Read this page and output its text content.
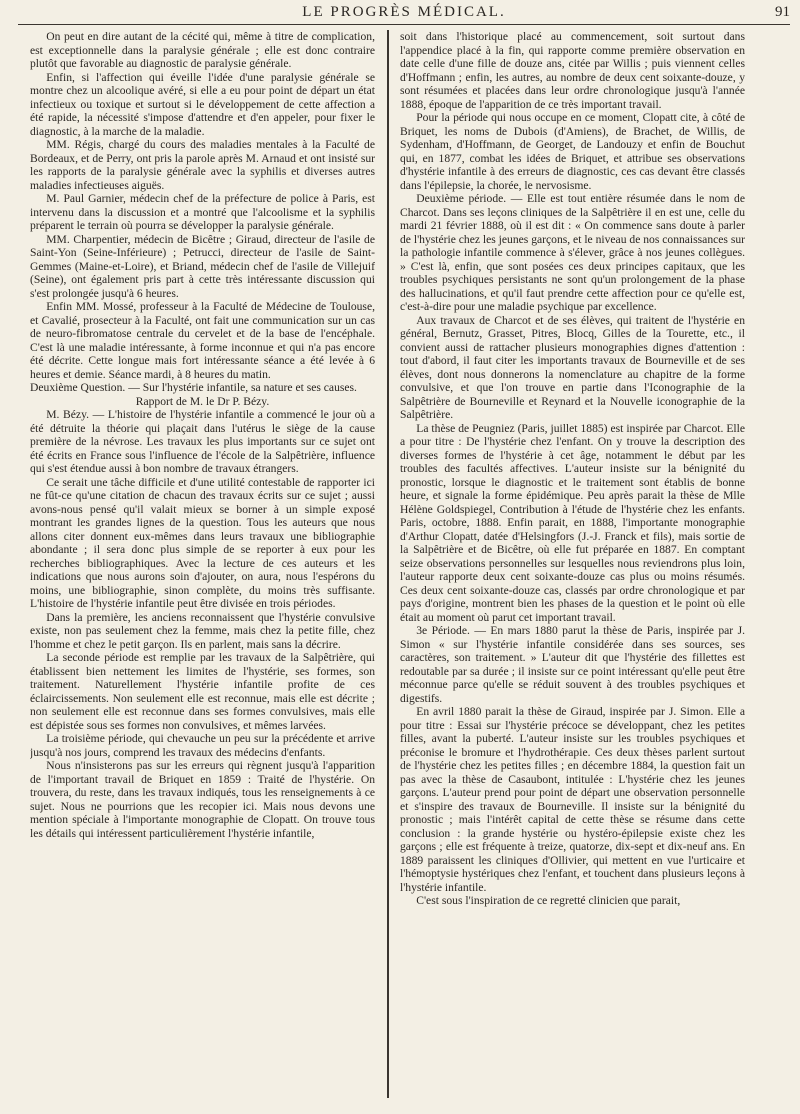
LE PROGRÈS MÉDICAL.	91

On peut en dire autant de la cécité qui, même à titre de complication, est exceptionnelle dans la paralysie générale ; elle est donc contraire plutôt que favorable au diagnostic de paralysie générale.

Enfin, si l'affection qui éveille l'idée d'une paralysie générale se montre chez un alcoolique avéré, si elle a eu pour point de départ un état infectieux ou toxique et surtout si le développement de cette affection a été rapide, la nécessité s'impose d'attendre et d'en appeler, pour fixer le diagnostic, à la marche de la maladie.

MM. Régis, chargé du cours des maladies mentales à la Faculté de Bordeaux, et de Perry, ont pris la parole après M. Arnaud et ont insisté sur les rapports de la paralysie générale avec la syphilis et diverses autres maladies infectieuses aiguës.

M. Paul Garnier, médecin chef de la préfecture de police à Paris, est intervenu dans la discussion et a montré que l'alcoolisme et la syphilis préparent le terrain où pourra se développer la paralysie générale.

MM. Charpentier, médecin de Bicêtre ; Giraud, directeur de l'asile de Saint-Yon (Seine-Inférieure) ; Petrucci, directeur de l'asile de Saint-Gemmes (Maine-et-Loire), et Briand, médecin chef de l'asile de Villejuif (Seine), ont également pris part à cette très intéressante discussion qui s'est prolongée jusqu'à 6 heures.

Enfin MM. Mossé, professeur à la Faculté de Médecine de Toulouse, et Cavalié, prosecteur à la Faculté, ont fait une communication sur un cas de neuro-fibromatose centrale du cervelet et de la base de l'encéphale. C'est là une maladie intéressante, à forme inconnue et qui n'a pas encore été décrite. Cette longue mais fort intéressante séance a été levée à 6 heures et demie. Séance mardi, à 8 heures du matin.

Deuxième Question. — Sur l'hystérie infantile, sa nature et ses causes.

Rapport de M. le Dr P. Bézy.

M. Bézy. — L'histoire de l'hystérie infantile a commencé le jour où a été détruite la théorie qui plaçait dans l'utérus le siège de la cause première de la névrose. Les travaux les plus importants sur ce sujet ont été écrits en France sous l'influence de l'école de la Salpêtrière, influence qui s'est étendue aussi à bon nombre de travaux étrangers.

Ce serait une tâche difficile et d'une utilité contestable de rapporter ici ne fût-ce qu'une citation de chacun des travaux écrits sur ce sujet ; aussi avons-nous pensé qu'il valait mieux se borner à un simple exposé montrant les grandes lignes de la question. Tous les auteurs que nous allons citer donnent eux-mêmes dans leurs travaux une bibliographie abondante ; il sera donc plus simple de se reporter à eux pour les recherches bibliographiques. Avec la lecture de ces auteurs et les indications que nous aurons soin d'ajouter, on aura, nous l'espérons du moins, une bibliographie, sinon complète, du moins très suffisante. L'histoire de l'hystérie infantile peut être divisée en trois périodes.

Dans la première, les anciens reconnaissent que l'hystérie convulsive existe, non pas seulement chez la femme, mais chez la petite fille, chez l'homme et chez le petit garçon. Ils en parlent, mais sans la décrire.

La seconde période est remplie par les travaux de la Salpêtrière, qui établissent bien nettement les limites de l'hystérie, ses formes, son traitement. Naturellement l'hystérie infantile profite de ces éclaircissements. Non seulement elle est reconnue, mais elle est décrite ; non seulement elle est reconnue dans ses formes convulsives, mais elle est dépistée sous ses formes non convulsives, et mêmes larvées.

La troisième période, qui chevauche un peu sur la précédente et arrive jusqu'à nos jours, comprend les travaux des médecins d'enfants.

Nous n'insisterons pas sur les erreurs qui règnent jusqu'à l'apparition de l'important travail de Briquet en 1859 : Traité de l'hystérie. On trouvera, du reste, dans les travaux indiqués, tous les renseignements à ce sujet. Nous ne pourrions que les recopier ici. Mais nous devons une mention spéciale à l'importante monographie de Clopatt. On trouve tous les détails qui intéressent particulièrement l'hystérie infantile,

soit dans l'historique placé au commencement, soit surtout dans l'appendice placé à la fin, qui rapporte comme première observation en date celle d'une fille de douze ans, citée par Willis ; puis viennent celles d'Hoffmann ; enfin, les autres, au nombre de deux cent soixante-douze, y sont résumées et placées dans leur ordre chronologique jusqu'à l'année 1888, époque de l'apparition de ce très important travail.

Pour la période qui nous occupe en ce moment, Clopatt cite, à côté de Briquet, les noms de Dubois (d'Amiens), de Brachet, de Willis, de Sydenham, d'Hoffmann, de Georget, de Landouzy et enfin de Bouchut qui, en 1877, combat les idées de Briquet, et attribue ses observations d'hystérie infantile à des erreurs de diagnostic, ces cas devant être classés dans l'épilepsie, la chorée, le nervosisme.

Deuxième période. — Elle est tout entière résumée dans le nom de Charcot. Dans ses leçons cliniques de la Salpêtrière il en est une, celle du mardi 21 février 1888, où il est dit : « On commence sans doute à parler de l'hystérie chez les jeunes garçons, et le niveau de nos connaissances sur la pathologie infantile commence à s'élever, grâce à nos jeunes collègues. » C'est là, enfin, que sont posées ces deux principes capitaux, que les troubles psychiques persistants ne sont qu'un prolongement de la phase des hallucinations, et qu'il faut prendre cette affection pour ce qu'elle est, c'est-à-dire pour une maladie psychique par excellence.

Aux travaux de Charcot et de ses élèves, qui traitent de l'hystérie en général, Bernutz, Grasset, Pitres, Blocq, Gilles de la Tourette, etc., il convient aussi de rattacher plusieurs monographies dignes d'attention : tout d'abord, il faut citer les importants travaux de Bourneville et de ses élèves, dont nous donnerons la nomenclature au chapitre de la forme convulsive, et que l'on trouve en partie dans l'Iconographie de la Salpêtrière de Bourneville et Reynard et la Nouvelle iconographie de la Salpêtrière.

La thèse de Peugniez (Paris, juillet 1885) est inspirée par Charcot. Elle a pour titre : De l'hystérie chez l'enfant. On y trouve la description des diverses formes de l'hystérie à cet âge, notamment le début par les troubles des facultés affectives. L'auteur insiste sur la bénignité du pronostic, lorsque le diagnostic et le traitement sont établis de bonne heure, et signale la forme épidémique. Peu après parait la thèse de Mlle Hélène Goldspiegel, Contribution à l'étude de l'hystérie chez les enfants. Paris, octobre, 1888. Enfin parait, en 1888, l'importante monographie d'Arthur Clopatt, datée d'Helsingfors (J.-J. Franck et fils), mais sortie de la Salpêtrière et de Bicêtre, où elle fut préparée en 1887. En comptant seize observations personnelles sur lesquelles nous reviendrons plus loin, l'auteur rapporte deux cent soixante-douze cas plus ou moins résumés. Ces deux cent soixante-douze cas, classés par ordre chronologique et par pays d'origine, montrent bien les phases de la question et le point où elle était au moment où parut cet important travail.

3e Période. — En mars 1880 parut la thèse de Paris, inspirée par J. Simon « sur l'hystérie infantile considérée dans ses sources, ses caractères, son traitement. » L'auteur dit que l'hystérie des fillettes est redoutable par sa durée ; il insiste sur ce point intéressant qu'elle peut être méconnue parce qu'elle se réduit souvent à des troubles psychiques et digestifs.

En avril 1880 parait la thèse de Giraud, inspirée par J. Simon. Elle a pour titre : Essai sur l'hystérie précoce se développant, chez les petites filles, avant la puberté. L'auteur insiste sur les troubles psychiques et préconise le bromure et l'hydrothérapie. Ces deux thèses parlent surtout de l'hystérie chez les petites filles ; en décembre 1884, la question fait un pas avec la thèse de Casaubont, intitulée : L'hystérie chez les jeunes garçons. L'auteur prend pour point de départ une observation personnelle et s'inspire des travaux de Bourneville. Il insiste sur la bénignité du pronostic ; mais l'intérêt capital de cette thèse se résume dans cette conclusion : la grande hystérie ou hystéro-épilepsie existe chez les garçons ; elle est fréquente à treize, quatorze, dix-sept et dix-neuf ans. En 1889 paraissent les cliniques d'Ollivier, qui mettent en vue l'urticaire et l'hémoptysie hystériques chez l'enfant, et touchent dans plusieurs leçons à l'hystérie infantile.

C'est sous l'inspiration de ce regretté clinicien que parait,
